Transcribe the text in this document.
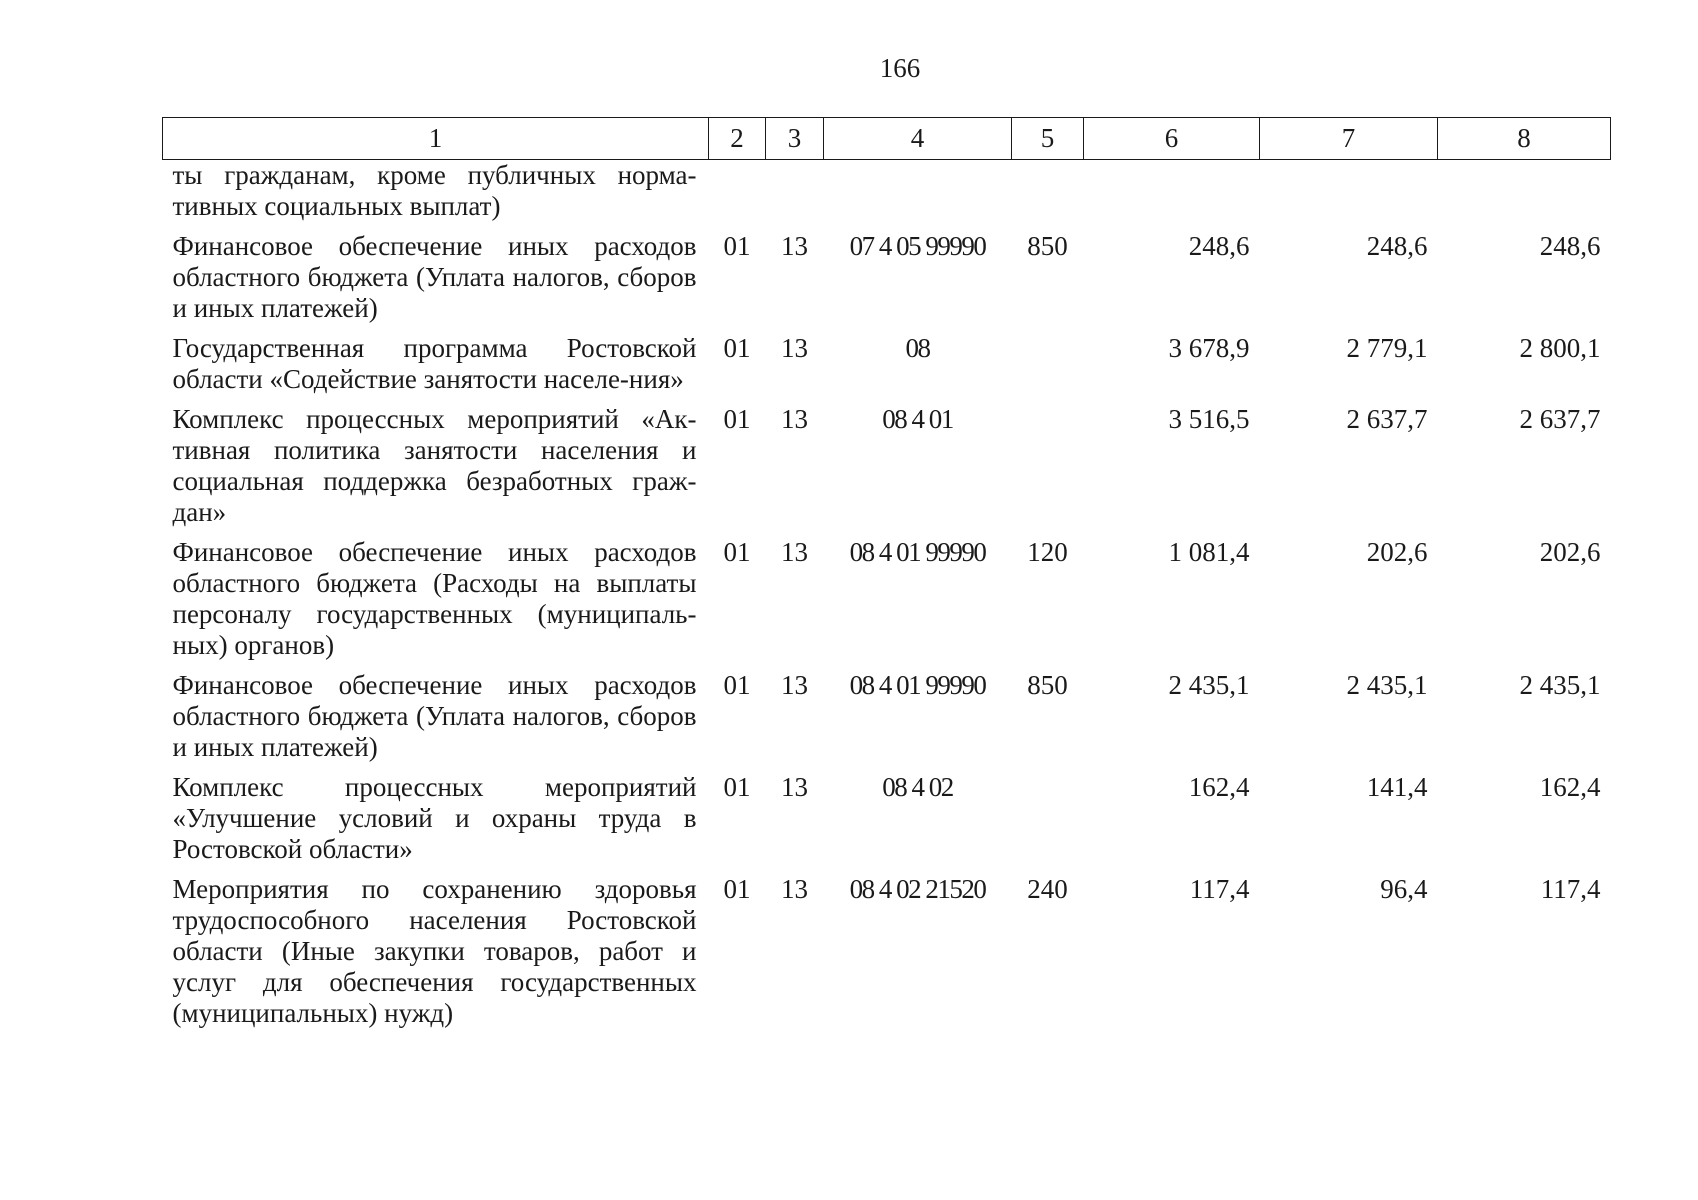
166
1	2	3	4	5	6	7	8
ты гражданам, кроме публичных норма-тивных социальных выплат)							
Финансовое обеспечение иных расходов областного бюджета (Уплата налогов, сборов и иных платежей)	01	13	07 4 05 99990	850	248,6	248,6	248,6
Государственная программа Ростовской области «Содействие занятости населе-ния»	01	13	08		3 678,9	2 779,1	2 800,1
Комплекс процессных мероприятий «Ак-тивная политика занятости населения и социальная поддержка безработных граж-дан»	01	13	08 4 01		3 516,5	2 637,7	2 637,7
Финансовое обеспечение иных расходов областного бюджета (Расходы на выплаты персоналу государственных (муниципаль-ных) органов)	01	13	08 4 01 99990	120	1 081,4	202,6	202,6
Финансовое обеспечение иных расходов областного бюджета (Уплата налогов, сборов и иных платежей)	01	13	08 4 01 99990	850	2 435,1	2 435,1	2 435,1
Комплекс процессных мероприятий «Улучшение условий и охраны труда в Ростовской области»	01	13	08 4 02		162,4	141,4	162,4
Мероприятия по сохранению здоровья трудоспособного населения Ростовской области (Иные закупки товаров, работ и услуг для обеспечения государственных (муниципальных) нужд)	01	13	08 4 02 21520	240	117,4	96,4	117,4
